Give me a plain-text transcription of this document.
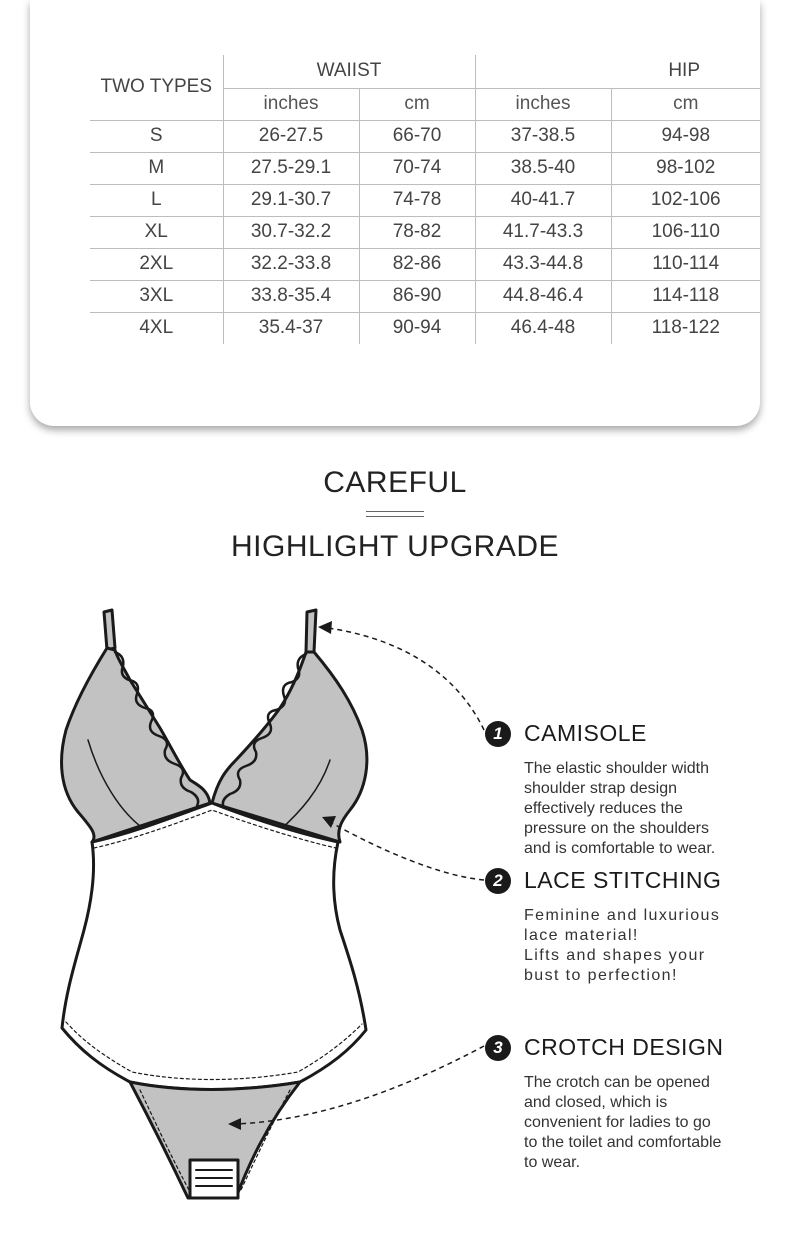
TWO TYPES	WAIIST		HIP	
	inches	cm	inches	cm
S	26-27.5	66-70	37-38.5	94-98
M	27.5-29.1	70-74	38.5-40	98-102
L	29.1-30.7	74-78	40-41.7	102-106
XL	30.7-32.2	78-82	41.7-43.3	106-110
2XL	32.2-33.8	82-86	43.3-44.8	110-114
3XL	33.8-35.4	86-90	44.8-46.4	114-118
4XL	35.4-37	90-94	46.4-48	118-122
CAREFUL
HIGHLIGHT UPGRADE
1 CAMISOLE
The elastic shoulder width
shoulder strap design
effectively reduces the
pressure on the shoulders
and is comfortable to wear.
2 LACE STITCHING
Feminine and luxurious
lace material!
Lifts and shapes your
bust to perfection!
3 CROTCH DESIGN
The crotch can be opened
and closed, which is
convenient for ladies to go
to the toilet and comfortable
to wear.
